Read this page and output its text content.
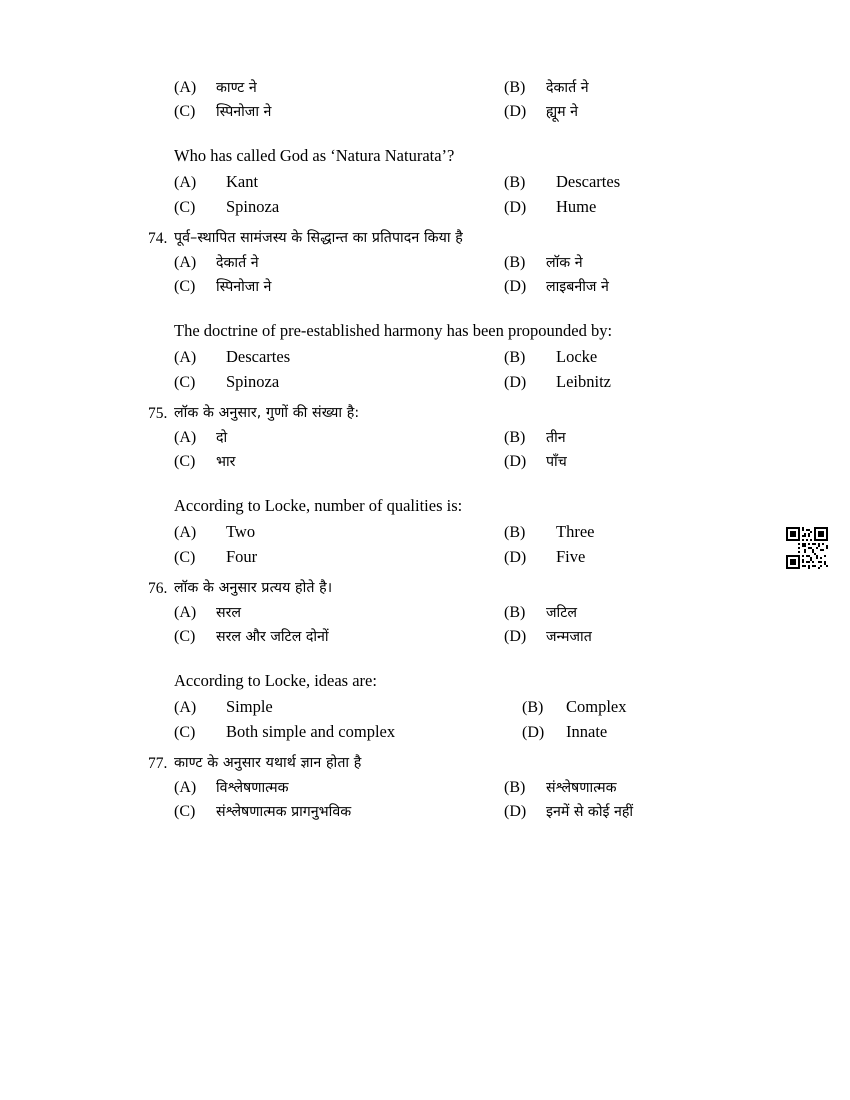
(A)	काण्ट ने	(B)	देकार्त ने
(C)	स्पिनोजा ने	(D)	ह्यूम ने
Who has called God as ‘Natura Naturata’?
(A)	Kant	(B)	Descartes
(C)	Spinoza	(D)	Hume
74. पूर्व–स्थापित सामंजस्य के सिद्धान्त का प्रतिपादन किया है
(A)	देकार्त ने	(B)	लॉक ने
(C)	स्पिनोजा ने	(D)	लाइबनीज ने
The doctrine of pre-established harmony has been propounded by:
(A)	Descartes	(B)	Locke
(C)	Spinoza	(D)	Leibnitz
75. लॉक के अनुसार, गुणों की संख्या है:
(A)	दो	(B)	तीन
(C)	भार	(D)	पाँच
According to Locke, number of qualities is:
(A)	Two	(B)	Three
(C)	Four	(D)	Five
76. लॉक के अनुसार प्रत्यय होते है।
(A)	सरल	(B)	जटिल
(C)	सरल और जटिल दोनों	(D)	जन्मजात
According to Locke, ideas are:
(A)	Simple	(B)	Complex
(C)	Both simple and complex	(D)	Innate
77. काण्ट के अनुसार यथार्थ ज्ञान होता है
(A)	विश्लेषणात्मक	(B)	संश्लेषणात्मक
(C)	संश्लेषणात्मक प्रागनुभविक	(D)	इनमें से कोई नहीं
